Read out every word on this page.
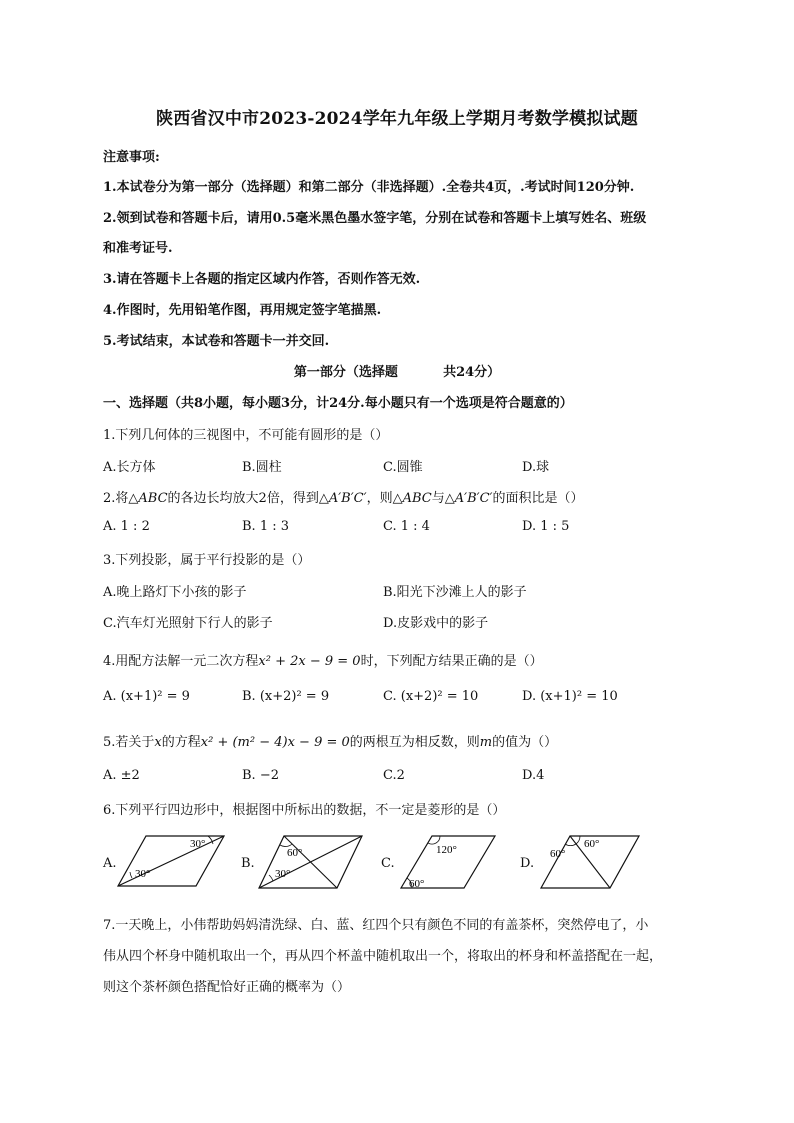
陕西省汉中市2023-2024学年九年级上学期月考数学模拟试题
注意事项:
1.本试卷分为第一部分（选择题）和第二部分（非选择题）.全卷共4页，.考试时间120分钟.
2.领到试卷和答题卡后，请用0.5毫米黑色墨水签字笔，分别在试卷和答题卡上填写姓名、班级
和准考证号.
3.请在答题卡上各题的指定区域内作答，否则作答无效.
4.作图时，先用铅笔作图，再用规定签字笔描黑.
5.考试结束，本试卷和答题卡一并交回.
第一部分（选择题          共24分）
一、选择题（共8小题，每小题3分，计24分.每小题只有一个选项是符合题意的）
1.下列几何体的三视图中，不可能有圆形的是（）
A.长方体	B.圆柱	C.圆锥	D.球
2.将△ABC的各边长均放大2倍，得到△A′B′C′，则△ABC与△A′B′C′的面积比是（）
A. 1 : 2	B. 1 : 3	C. 1 : 4	D. 1 : 5
3.下列投影，属于平行投影的是（）
A.晚上路灯下小孩的影子	B.阳光下沙滩上人的影子
C.汽车灯光照射下行人的影子	D.皮影戏中的影子
4.用配方法解一元二次方程x² + 2x − 9 = 0时，下列配方结果正确的是（）
A. (x+1)² = 9	B. (x+2)² = 9	C. (x+2)² = 10	D. (x+1)² = 10
5.若关于x的方程x² + (m² − 4)x − 9 = 0的两根互为相反数，则m的值为（）
A. ±2	B. −2	C.2	D.4
6.下列平行四边形中，根据图中所标出的数据，不一定是菱形的是（）
A.
30°
30°
B.
60°
30°
C.
120°
60°
D.
60°
60°
7.一天晚上，小伟帮助妈妈清洗绿、白、蓝、红四个只有颜色不同的有盖茶杯，突然停电了，小
伟从四个杯身中随机取出一个，再从四个杯盖中随机取出一个，将取出的杯身和杯盖搭配在一起，
则这个茶杯颜色搭配恰好正确的概率为（）
